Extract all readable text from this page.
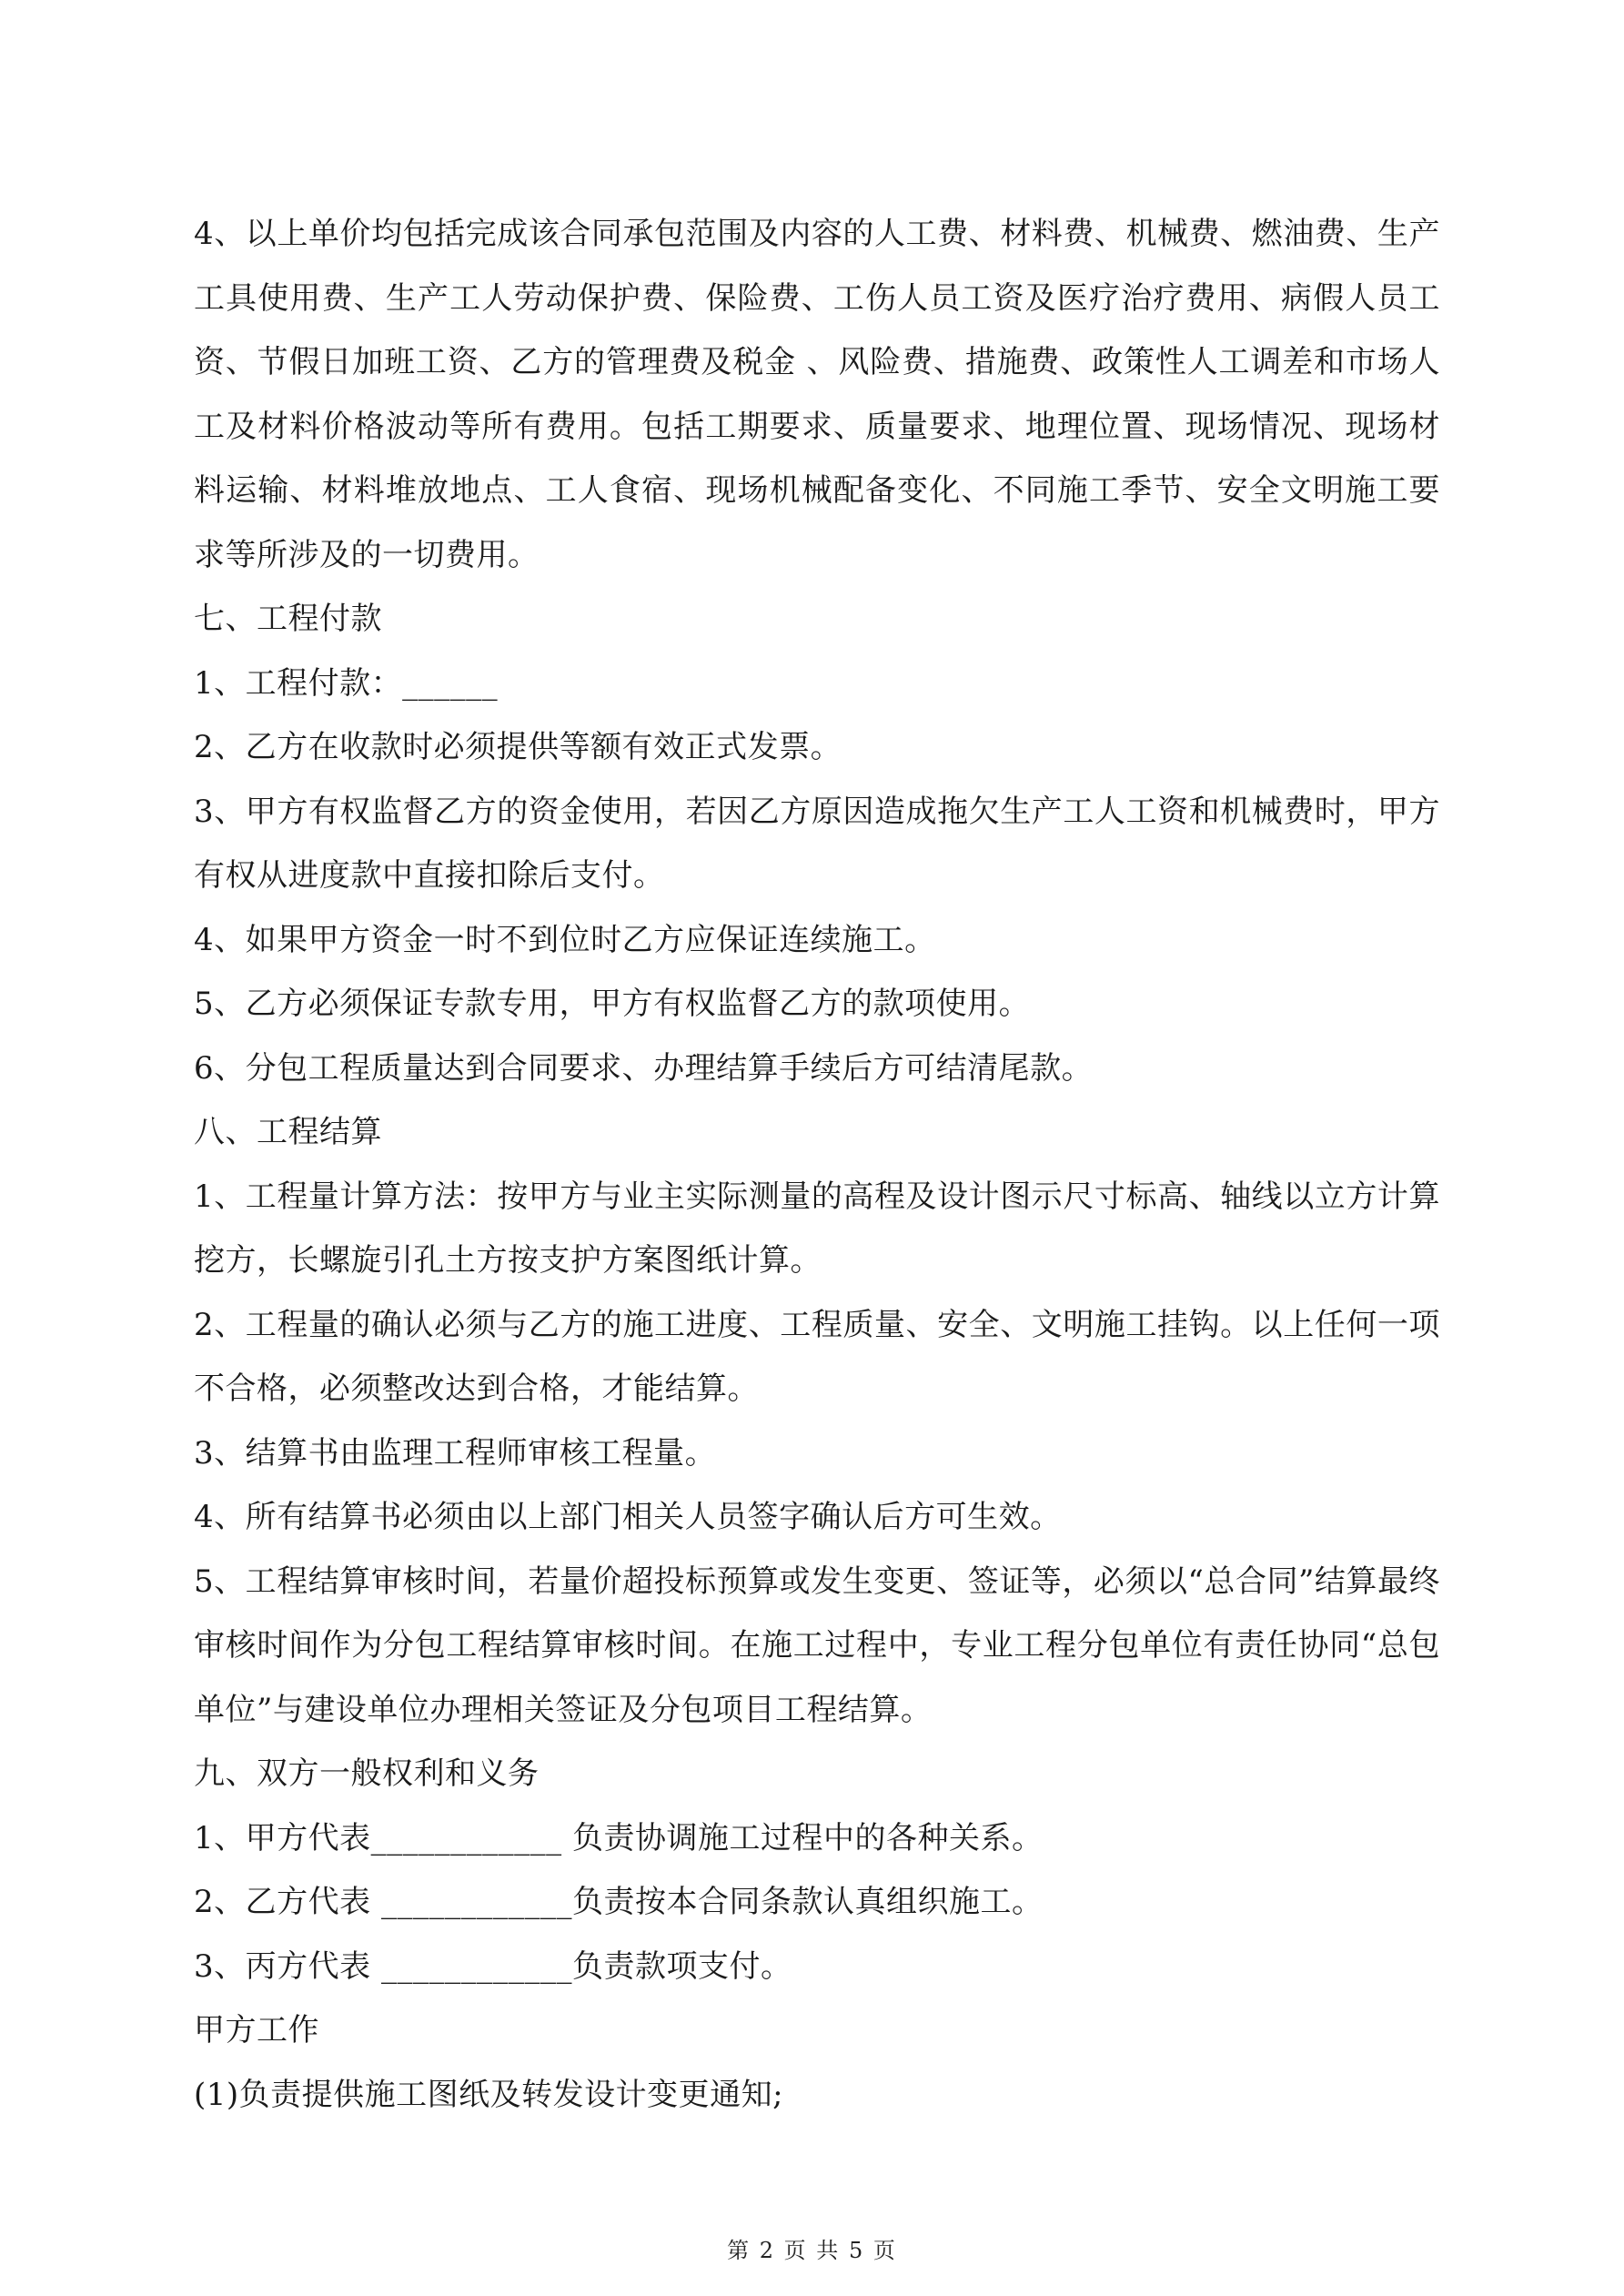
4、以上单价均包括完成该合同承包范围及内容的人工费、材料费、机械费、燃油费、生产工具使用费、生产工人劳动保护费、保险费、工伤人员工资及医疗治疗费用、病假人员工资、节假日加班工资、乙方的管理费及税金 、风险费、措施费、政策性人工调差和市场人工及材料价格波动等所有费用。包括工期要求、质量要求、地理位置、现场情况、现场材料运输、材料堆放地点、工人食宿、现场机械配备变化、不同施工季节、安全文明施工要求等所涉及的一切费用。

七、工程付款

1、工程付款：______

2、乙方在收款时必须提供等额有效正式发票。

3、甲方有权监督乙方的资金使用，若因乙方原因造成拖欠生产工人工资和机械费时，甲方有权从进度款中直接扣除后支付。

4、如果甲方资金一时不到位时乙方应保证连续施工。

5、乙方必须保证专款专用，甲方有权监督乙方的款项使用。

6、分包工程质量达到合同要求、办理结算手续后方可结清尾款。

八、工程结算

1、工程量计算方法：按甲方与业主实际测量的高程及设计图示尺寸标高、轴线以立方计算挖方，长螺旋引孔土方按支护方案图纸计算。

2、工程量的确认必须与乙方的施工进度、工程质量、安全、文明施工挂钩。以上任何一项不合格，必须整改达到合格，才能结算。

3、结算书由监理工程师审核工程量。

4、所有结算书必须由以上部门相关人员签字确认后方可生效。

5、工程结算审核时间，若量价超投标预算或发生变更、签证等，必须以“总合同”结算最终审核时间作为分包工程结算审核时间。在施工过程中，专业工程分包单位有责任协同“总包单位”与建设单位办理相关签证及分包项目工程结算。

九、双方一般权利和义务

1、甲方代表____________ 负责协调施工过程中的各种关系。

2、乙方代表 ____________负责按本合同条款认真组织施工。

3、丙方代表 ____________负责款项支付。

甲方工作

(1)负责提供施工图纸及转发设计变更通知;

第 2 页 共 5 页
